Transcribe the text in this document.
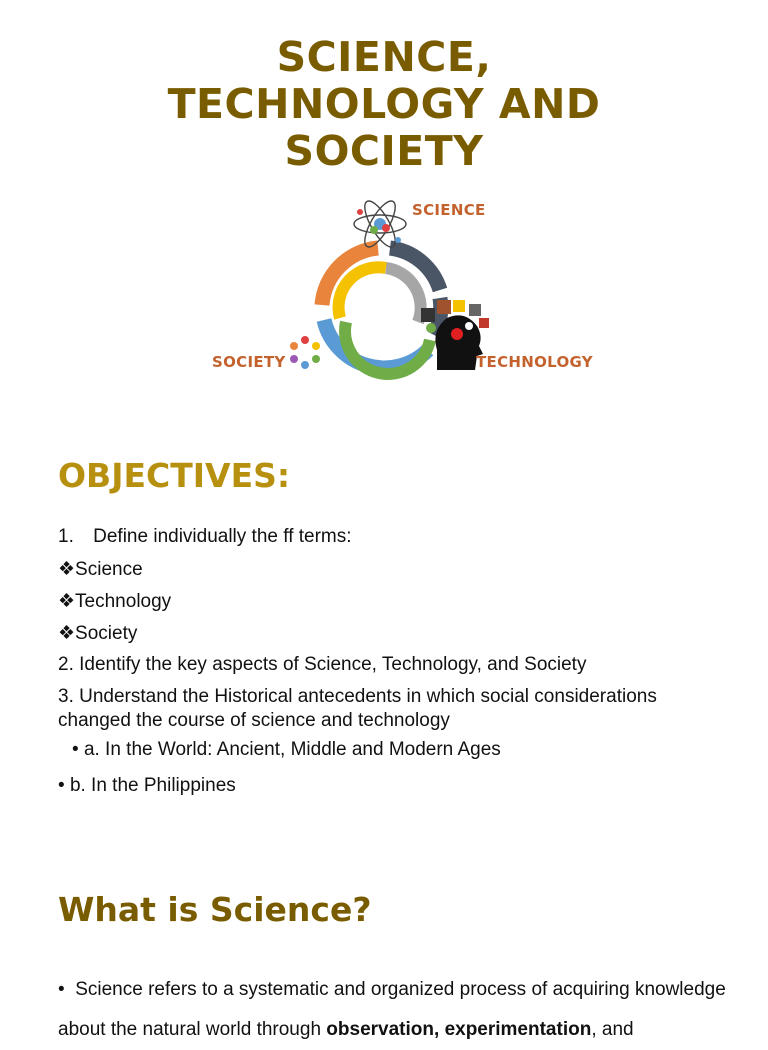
SCIENCE,
TECHNOLOGY AND
SOCIETY
SCIENCE
SOCIETY	TECHNOLOGY
OBJECTIVES:
1. Define individually the ff terms:
❖Science
❖Technology
❖Society
2. Identify the key aspects of Science, Technology, and Society
3. Understand the Historical antecedents in which social considerations changed the course of science and technology
• a. In the World: Ancient, Middle and Modern Ages
• b. In the Philippines
What is Science?
• Science refers to a systematic and organized process of acquiring knowledge about the natural world through observation, experimentation, and
